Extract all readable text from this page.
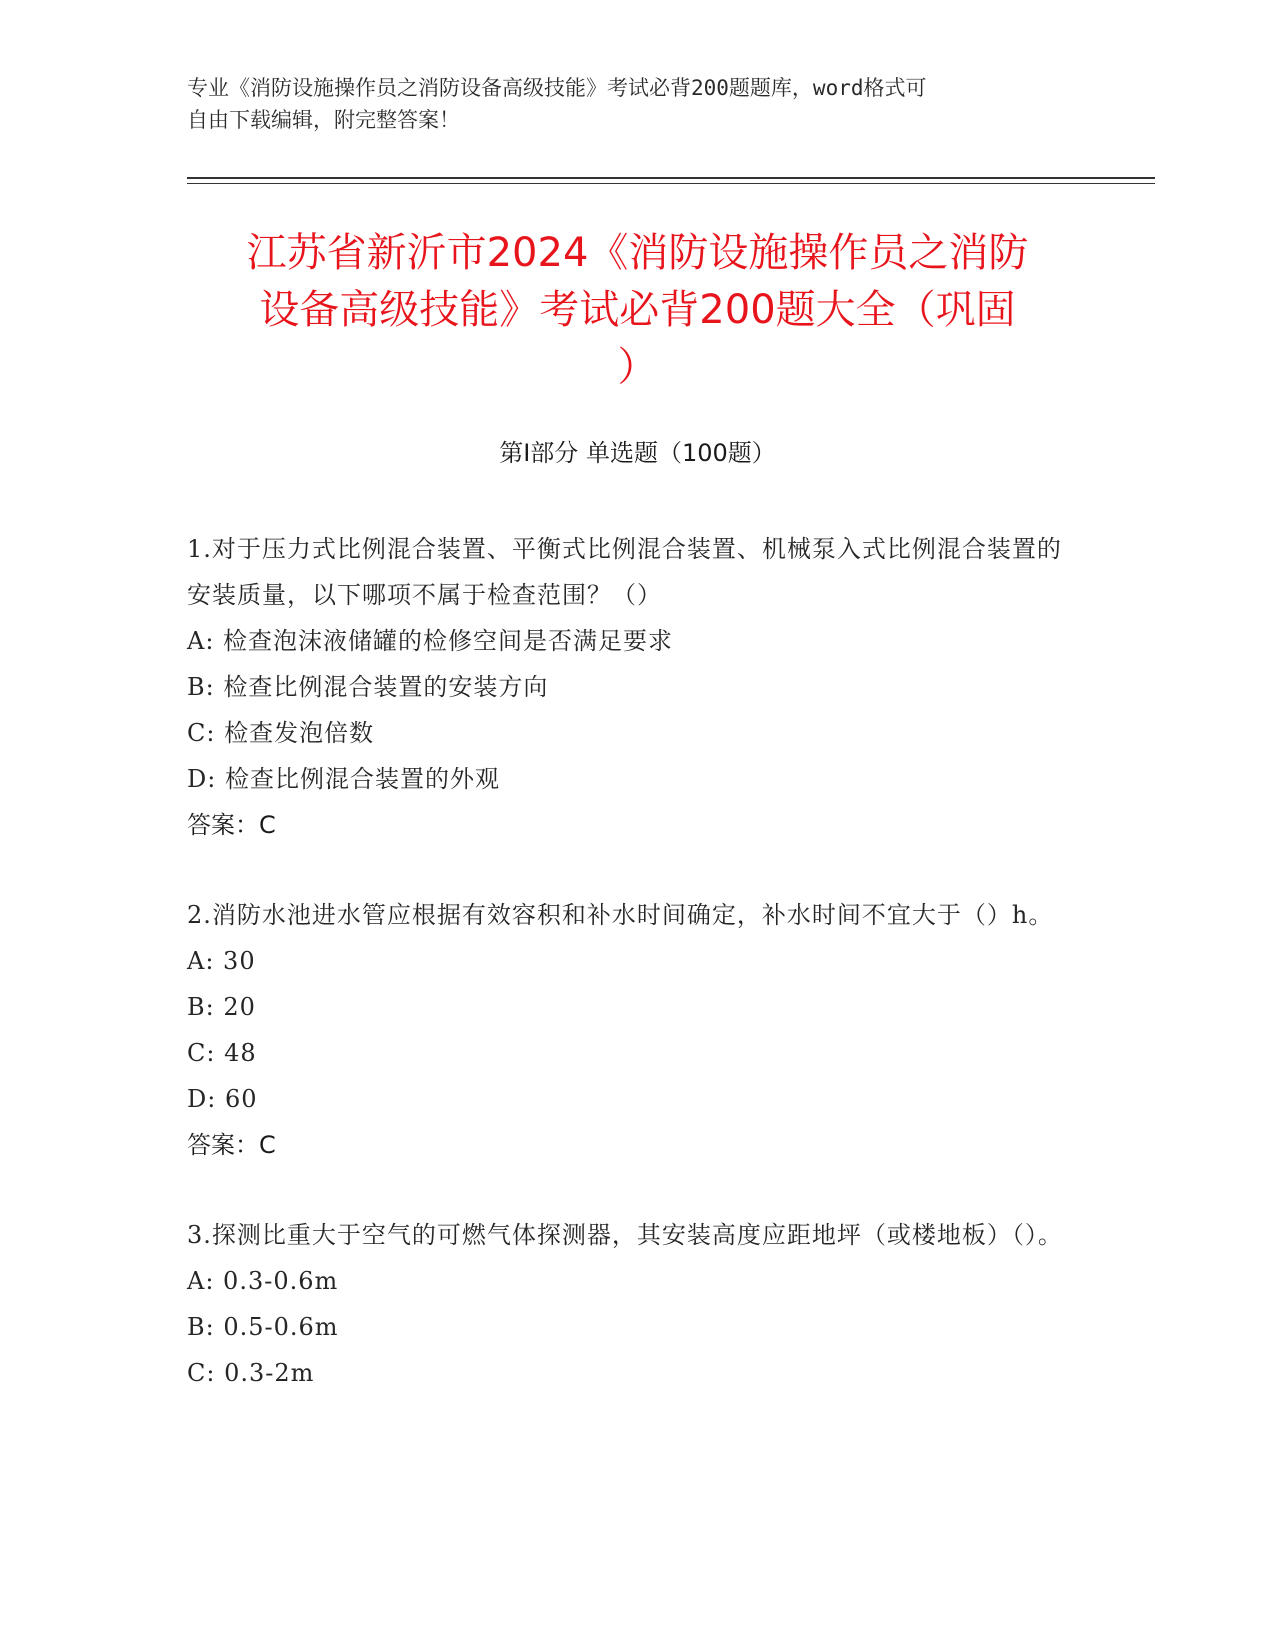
专业《消防设施操作员之消防设备高级技能》考试必背200题题库，word格式可
自由下载编辑，附完整答案！
江苏省新沂市2024《消防设施操作员之消防
设备高级技能》考试必背200题大全（巩固
）
第Ⅰ部分 单选题（100题）
1.对于压力式比例混合装置、平衡式比例混合装置、机械泵入式比例混合装置的安装质量，以下哪项不属于检查范围？（）
A: 检查泡沫液储罐的检修空间是否满足要求
B: 检查比例混合装置的安装方向
C: 检查发泡倍数
D: 检查比例混合装置的外观
答案：C
2.消防水池进水管应根据有效容积和补水时间确定，补水时间不宜大于（）h。
A: 30
B: 20
C: 48
D: 60
答案：C
3.探测比重大于空气的可燃气体探测器，其安装高度应距地坪（或楼地板）（）。
A: 0.3-0.6m
B: 0.5-0.6m
C: 0.3-2m
